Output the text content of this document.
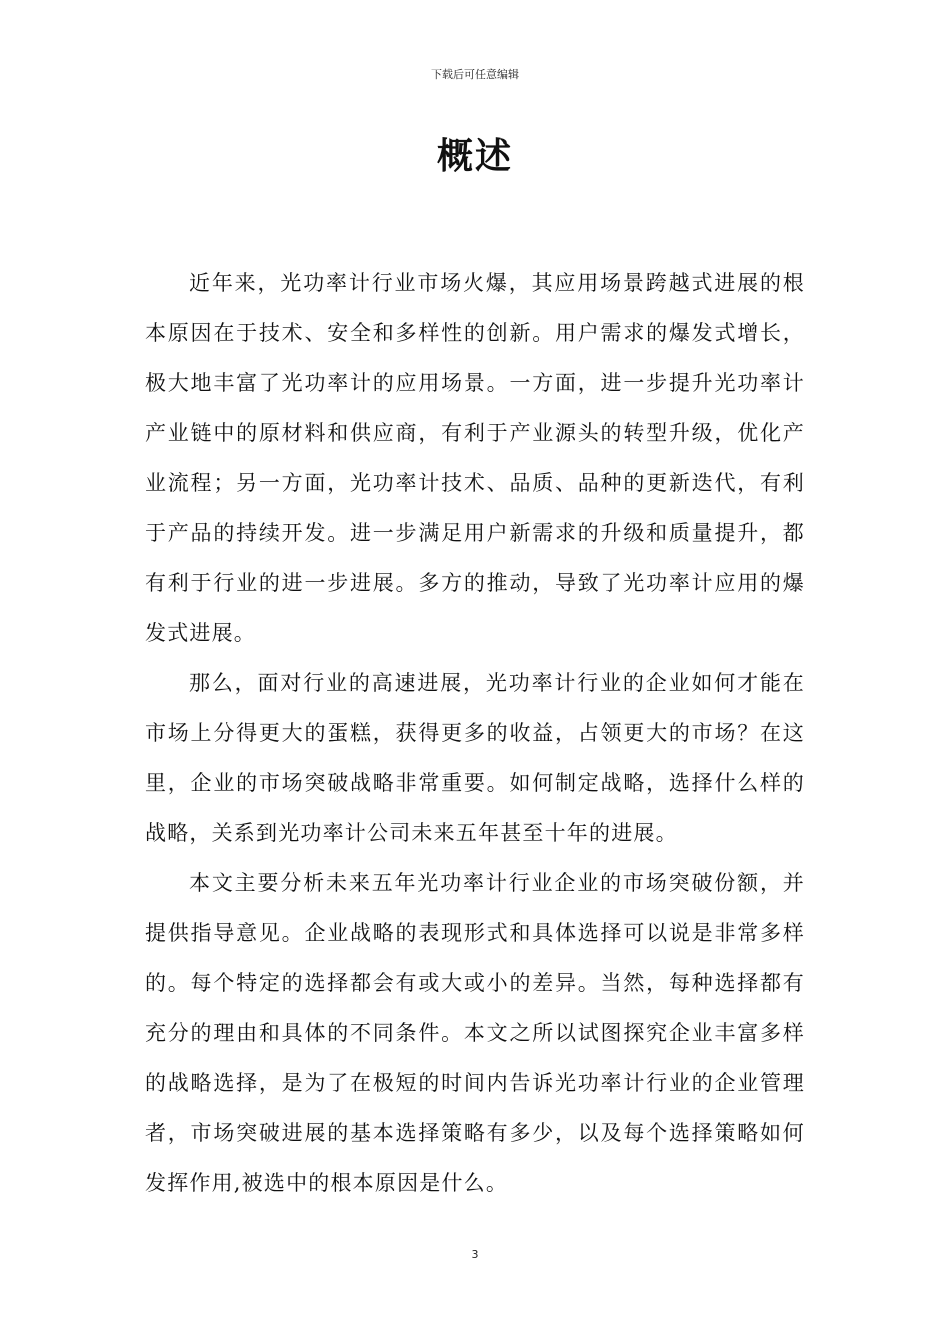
下载后可任意编辑
概述

近年来，光功率计行业市场火爆，其应用场景跨越式进展的根本原因在于技术、安全和多样性的创新。用户需求的爆发式增长，极大地丰富了光功率计的应用场景。一方面，进一步提升光功率计产业链中的原材料和供应商，有利于产业源头的转型升级，优化产业流程；另一方面，光功率计技术、品质、品种的更新迭代，有利于产品的持续开发。进一步满足用户新需求的升级和质量提升，都有利于行业的进一步进展。多方的推动，导致了光功率计应用的爆发式进展。

那么，面对行业的高速进展，光功率计行业的企业如何才能在市场上分得更大的蛋糕，获得更多的收益，占领更大的市场？在这里，企业的市场突破战略非常重要。如何制定战略，选择什么样的战略，关系到光功率计公司未来五年甚至十年的进展。

本文主要分析未来五年光功率计行业企业的市场突破份额，并提供指导意见。企业战略的表现形式和具体选择可以说是非常多样的。每个特定的选择都会有或大或小的差异。当然，每种选择都有充分的理由和具体的不同条件。本文之所以试图探究企业丰富多样的战略选择，是为了在极短的时间内告诉光功率计行业的企业管理者，市场突破进展的基本选择策略有多少，以及每个选择策略如何发挥作用,被选中的根本原因是什么。

3
